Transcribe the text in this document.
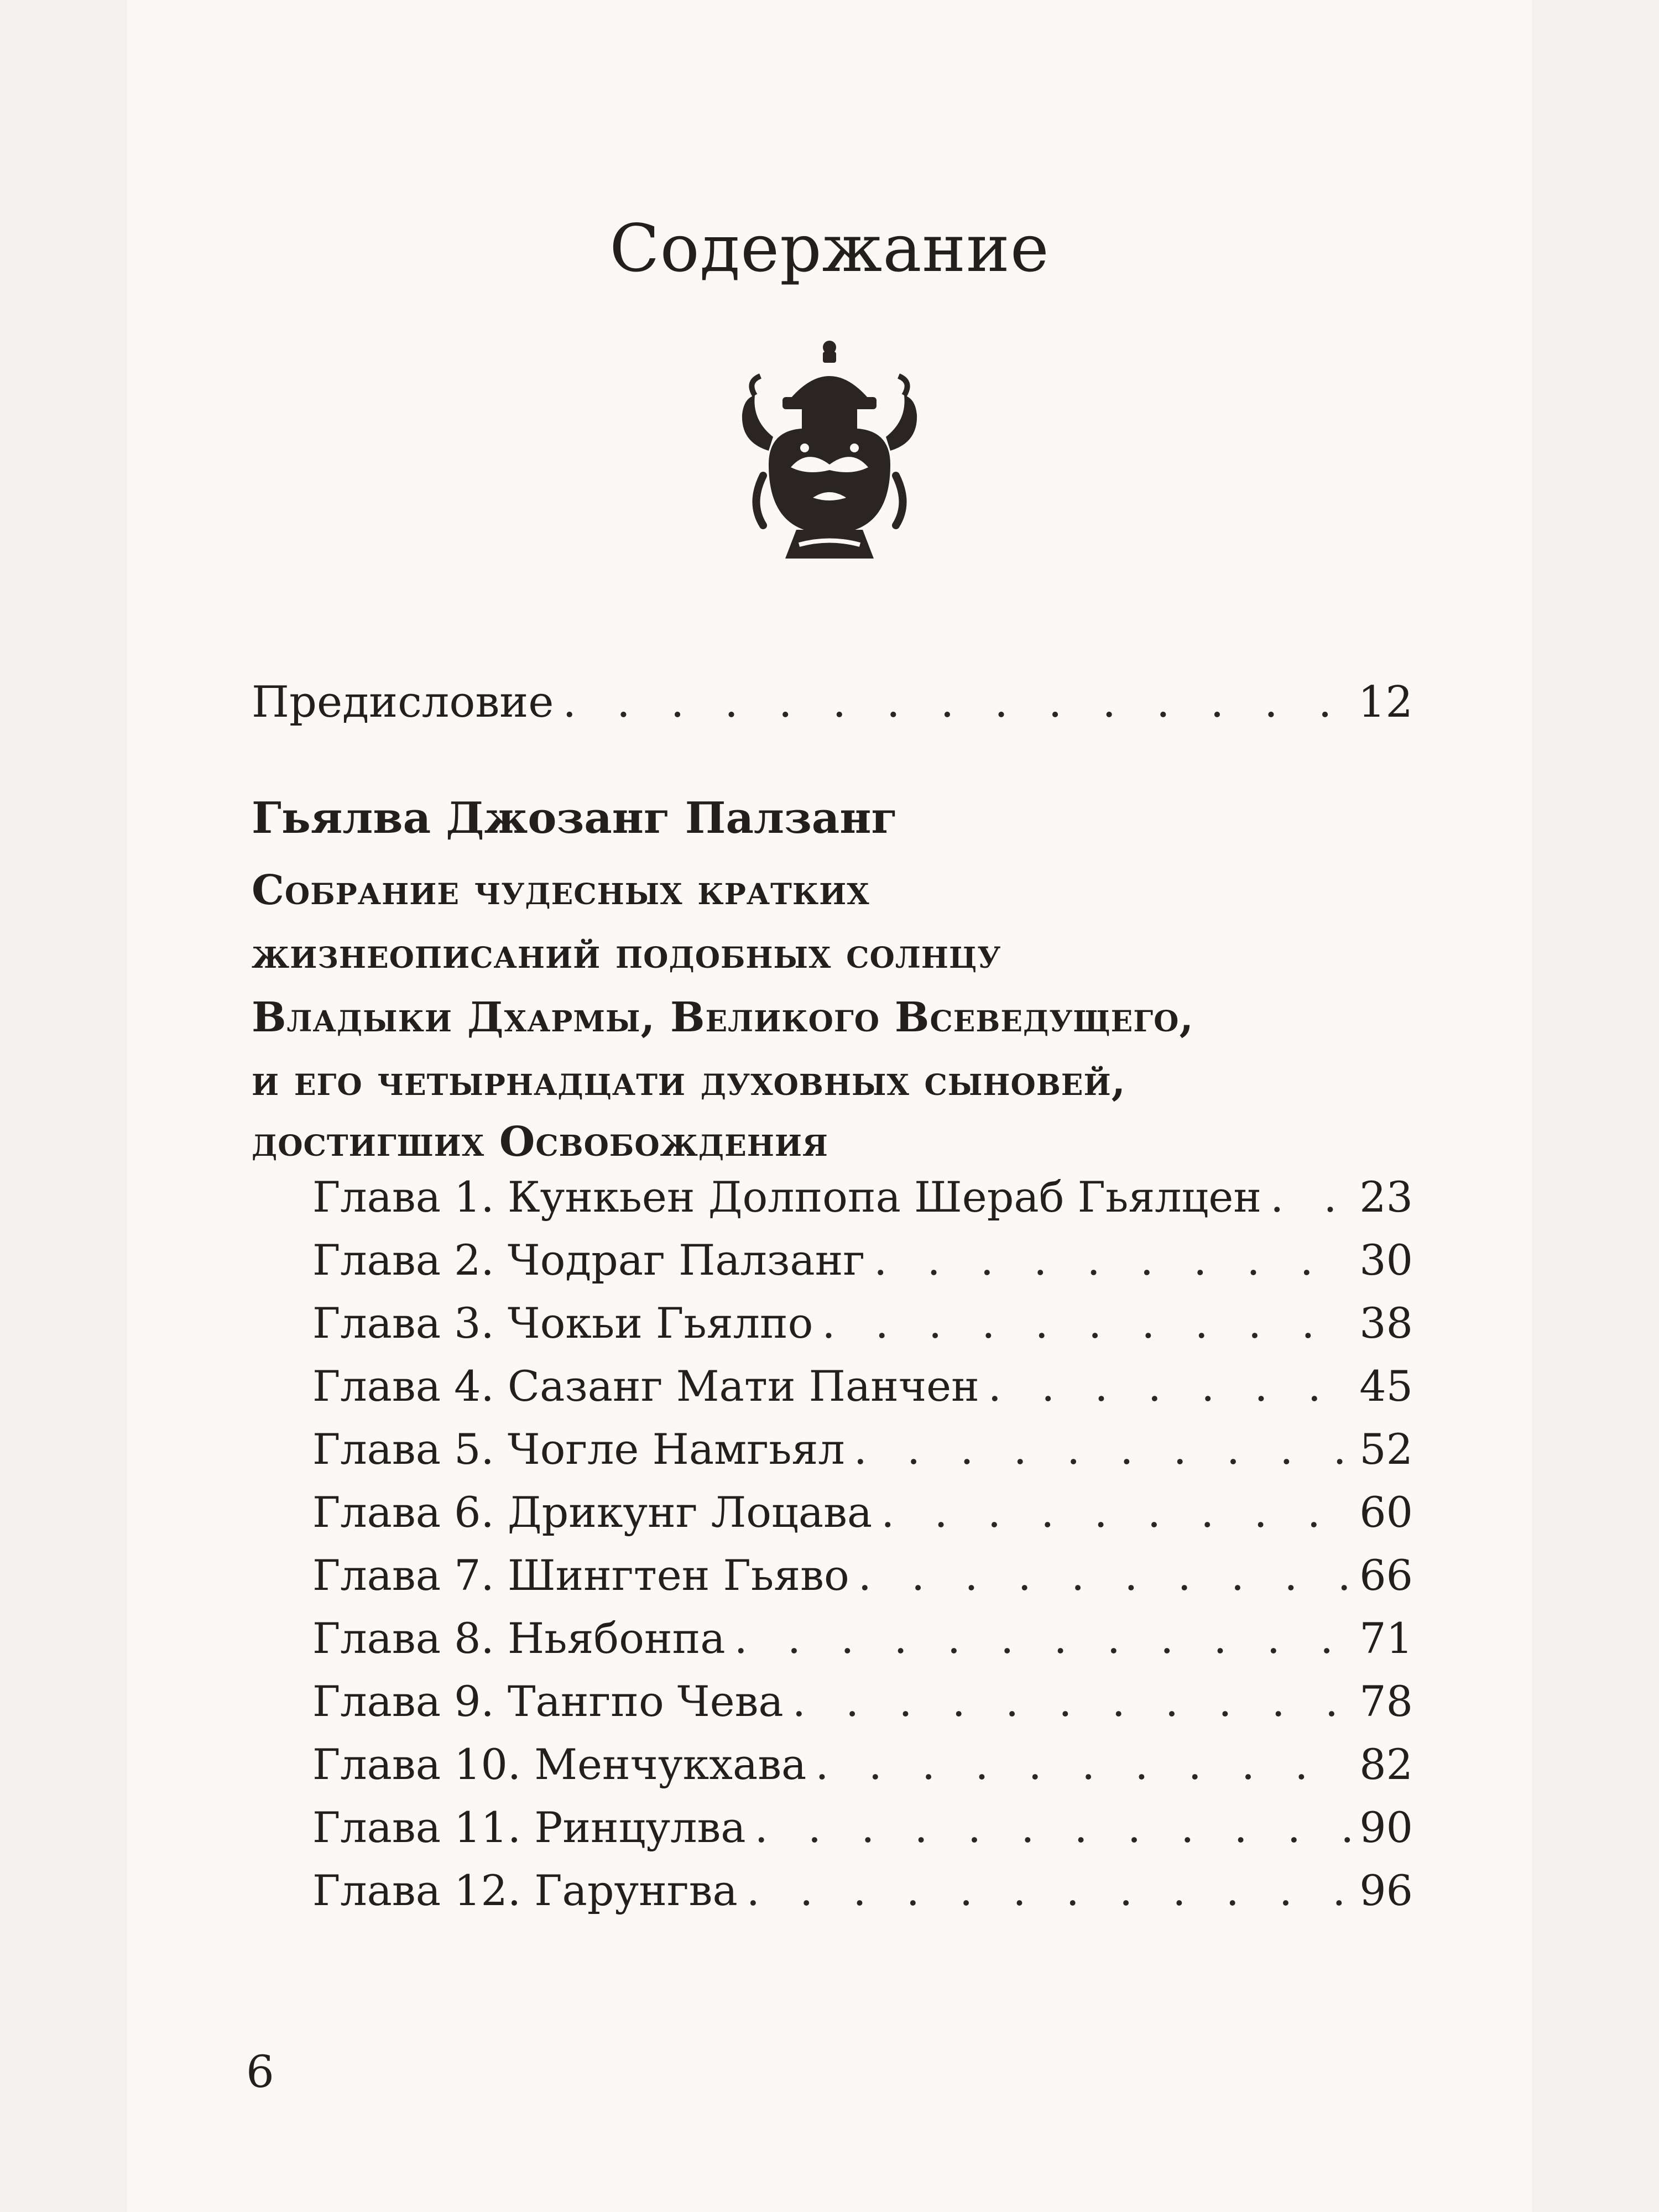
Содержание
Предисловие . . .	12
Гьялва Джозанг Палзанг
Собрание чудесных кратких
жизнеописаний подобных солнцу
Владыки Дхармы, Великого Всеведущего,
и его четырнадцати духовных сыновей,
достигших Освобождения
Глава 1. Кункьен Долпопа Шераб Гьялцен . . . 23
Глава 2. Чодраг Палзанг . . .	30
Глава 3. Чокьи Гьялпо . . .	38
Глава 4. Сазанг Мати Панчен . . .	45
Глава 5. Чогле Намгьял . . .	52
Глава 6. Дрикунг Лоцава . . .	60
Глава 7. Шингтен Гьяво . . .	66
Глава 8. Ньябонпа . . .	71
Глава 9. Тангпо Чева . . .	78
Глава 10. Менчукхава . . .	82
Глава 11. Ринцулва . . .	90
Глава 12. Гарунгва . . .	96
6
